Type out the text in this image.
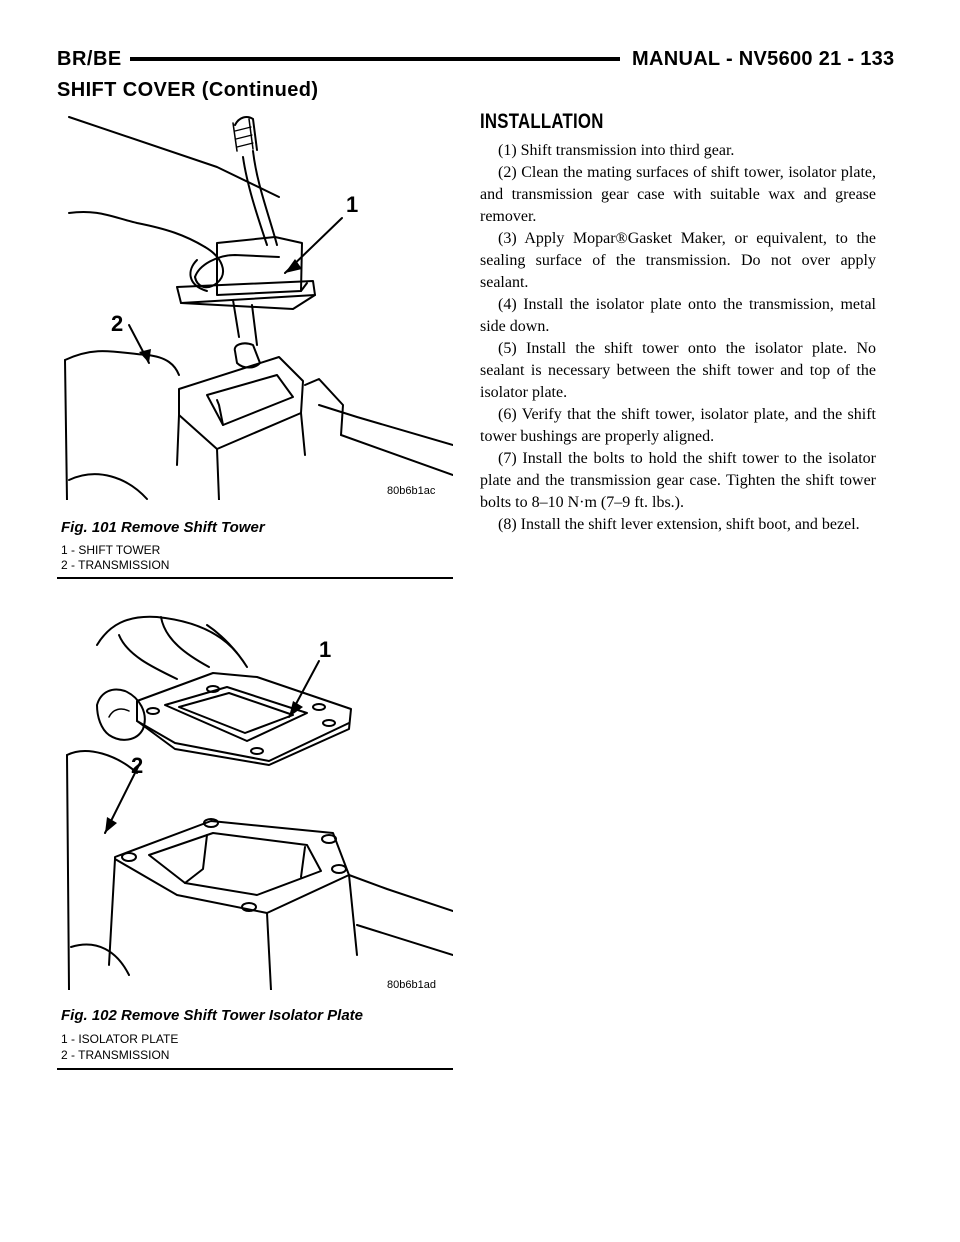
BR/BE	MANUAL - NV5600 21 - 133
SHIFT COVER (Continued)
1
2
80b6b1ac
Fig. 101 Remove Shift Tower
1 - SHIFT TOWER
2 - TRANSMISSION
1
2
80b6b1ad
Fig. 102 Remove Shift Tower Isolator Plate
1 - ISOLATOR PLATE
2 - TRANSMISSION
INSTALLATION

(1) Shift transmission into third gear.

(2) Clean the mating surfaces of shift tower, isolator plate, and transmission gear case with suitable wax and grease remover.

(3) Apply Mopar®Gasket Maker, or equivalent, to the sealing surface of the transmission. Do not over apply sealant.

(4) Install the isolator plate onto the transmission, metal side down.

(5) Install the shift tower onto the isolator plate. No sealant is necessary between the shift tower and top of the isolator plate.

(6) Verify that the shift tower, isolator plate, and the shift tower bushings are properly aligned.

(7) Install the bolts to hold the shift tower to the isolator plate and the transmission gear case. Tighten the shift tower bolts to 8–10 N·m (7–9 ft. lbs.).

(8) Install the shift lever extension, shift boot, and bezel.
